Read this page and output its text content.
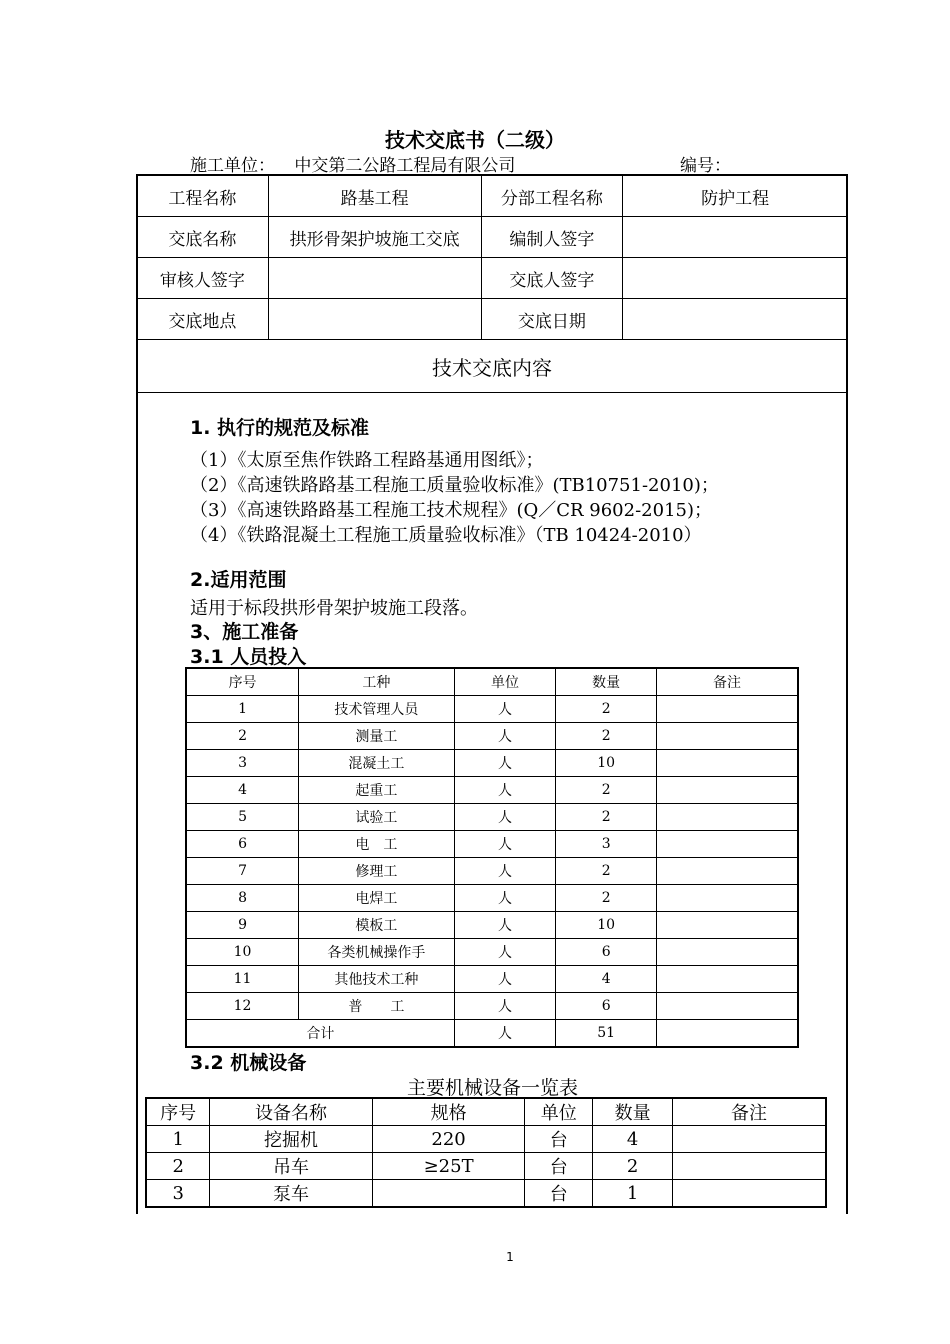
技术交底书（二级）
施工单位： 中交第二公路工程局有限公司	编号：
工程名称	路基工程	分部工程名称	防护工程
交底名称	拱形骨架护坡施工交底	编制人签字	
审核人签字		交底人签字	
交底地点		交底日期	
技术交底内容
1. 执行的规范及标准
（1）《太原至焦作铁路工程路基通用图纸》；
（2）《高速铁路路基工程施工质量验收标准》(TB10751-2010)；
（3）《高速铁路路基工程施工技术规程》(Q／CR 9602-2015)；
（4）《铁路混凝土工程施工质量验收标准》（TB 10424-2010）
2.适用范围
适用于标段拱形骨架护坡施工段落。
3、施工准备
3.1 人员投入
序号	工种	单位	数量	备注
1	技术管理人员	人	2	
2	测量工	人	2	
3	混凝土工	人	10	
4	起重工	人	2	
5	试验工	人	2	
6	电　工	人	3	
7	修理工	人	2	
8	电焊工	人	2	
9	模板工	人	10	
10	各类机械操作手	人	6	
11	其他技术工种	人	4	
12	普　　工	人	6	
合计		人	51	
3.2 机械设备
主要机械设备一览表
序号	设备名称	规格	单位	数量	备注
1	挖掘机	220	台	4	
2	吊车	≥25T	台	2	
3	泵车		台	1	
1
